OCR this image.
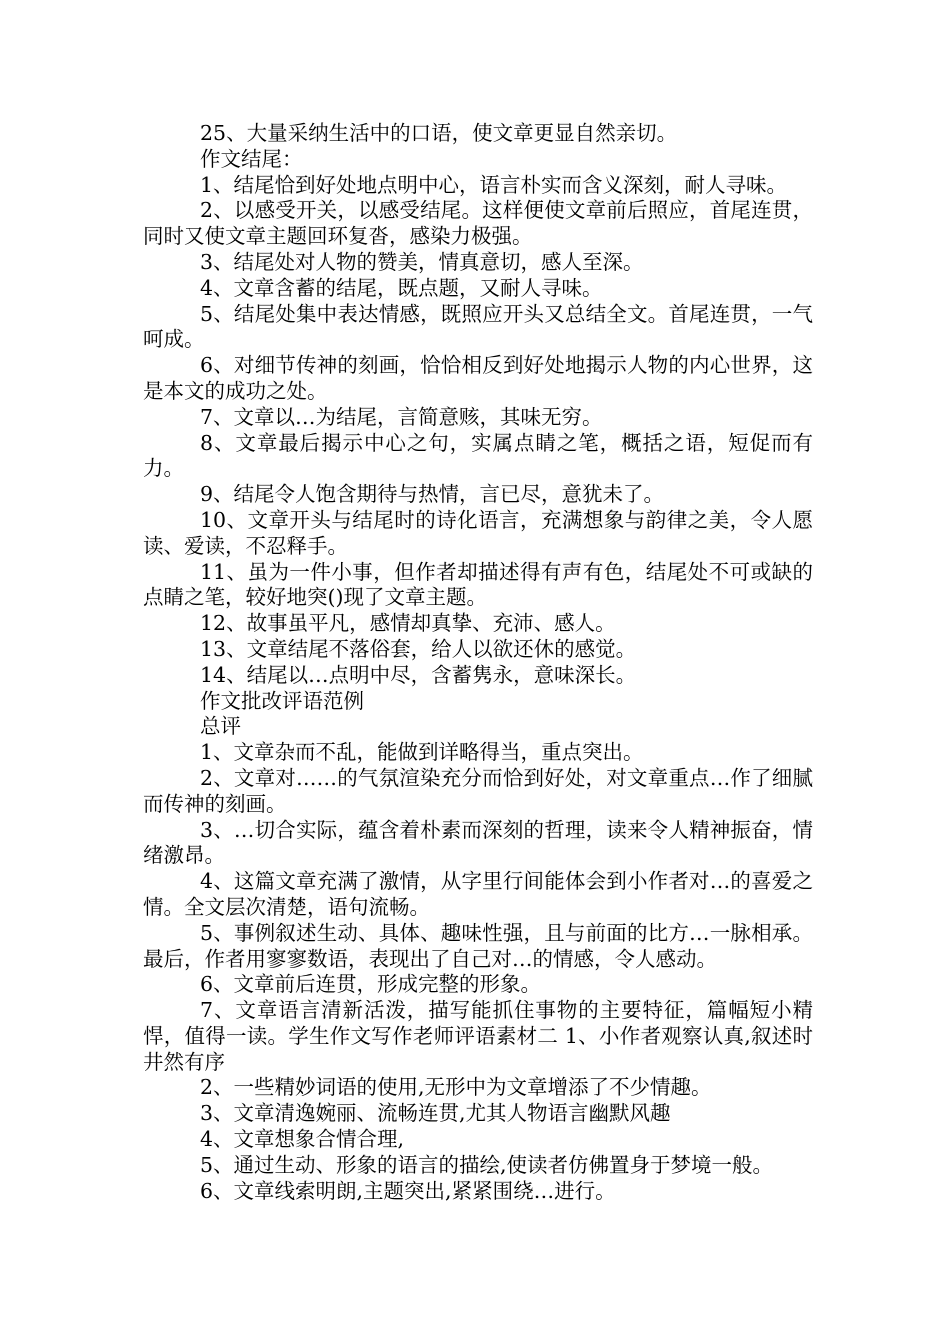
25、大量采纳生活中的口语，使文章更显自然亲切。

作文结尾：

1、结尾恰到好处地点明中心，语言朴实而含义深刻，耐人寻味。

2、以感受开关，以感受结尾。这样便使文章前后照应，首尾连贯，同时又使文章主题回环复沓，感染力极强。

3、结尾处对人物的赞美，情真意切，感人至深。

4、文章含蓄的结尾，既点题，又耐人寻味。

5、结尾处集中表达情感，既照应开头又总结全文。首尾连贯，一气呵成。

6、对细节传神的刻画，恰恰相反到好处地揭示人物的内心世界，这是本文的成功之处。

7、文章以…为结尾，言简意赅，其味无穷。

8、文章最后揭示中心之句，实属点睛之笔，概括之语，短促而有力。

9、结尾令人饱含期待与热情，言已尽，意犹未了。

10、文章开头与结尾时的诗化语言，充满想象与韵律之美，令人愿读、爱读，不忍释手。

11、虽为一件小事，但作者却描述得有声有色，结尾处不可或缺的点睛之笔，较好地突()现了文章主题。

12、故事虽平凡，感情却真挚、充沛、感人。

13、文章结尾不落俗套，给人以欲还休的感觉。

14、结尾以…点明中尽，含蓄隽永，意味深长。

作文批改评语范例

总评

1、文章杂而不乱，能做到详略得当，重点突出。

2、文章对……的气氛渲染充分而恰到好处，对文章重点…作了细腻而传神的刻画。

3、…切合实际，蕴含着朴素而深刻的哲理，读来令人精神振奋，情绪激昂。

4、这篇文章充满了激情，从字里行间能体会到小作者对…的喜爱之情。全文层次清楚，语句流畅。

5、事例叙述生动、具体、趣味性强，且与前面的比方…一脉相承。最后，作者用寥寥数语，表现出了自己对…的情感，令人感动。

6、文章前后连贯，形成完整的形象。

7、文章语言清新活泼，描写能抓住事物的主要特征，篇幅短小精悍，值得一读。学生作文写作老师评语素材二 1、小作者观察认真,叙述时井然有序

2、一些精妙词语的使用,无形中为文章增添了不少情趣。

3、文章清逸婉丽、流畅连贯,尤其人物语言幽默风趣

4、文章想象合情合理,

5、通过生动、形象的语言的描绘,使读者仿佛置身于梦境一般。

6、文章线索明朗,主题突出,紧紧围绕…进行。
